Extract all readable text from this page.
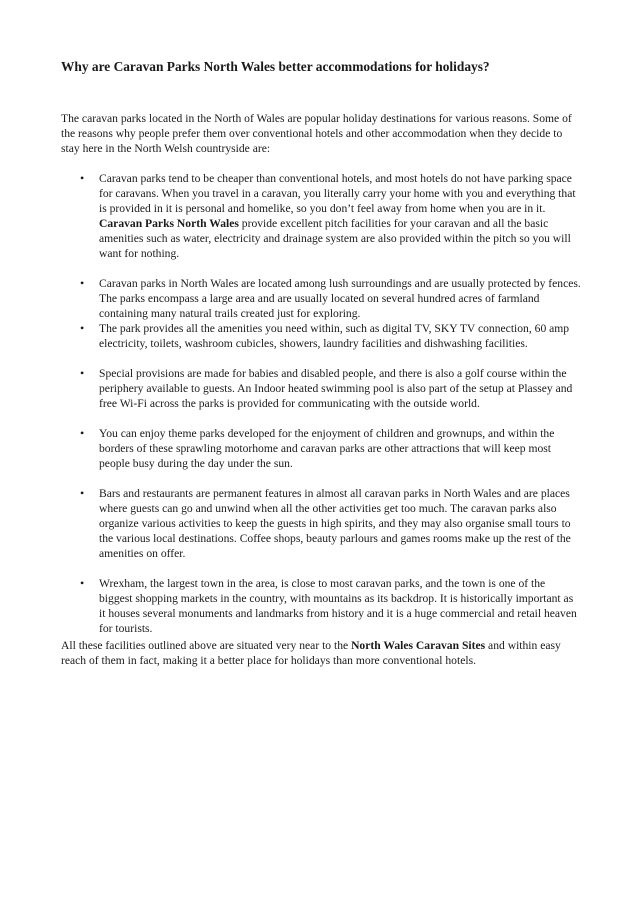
Why are Caravan Parks North Wales better accommodations for holidays?

The caravan parks located in the North of Wales are popular holiday destinations for various reasons. Some of the reasons why people prefer them over conventional hotels and other accommodation when they decide to stay here in the North Welsh countryside are:

• Caravan parks tend to be cheaper than conventional hotels, and most hotels do not have parking space for caravans. When you travel in a caravan, you literally carry your home with you and everything that is provided in it is personal and homelike, so you don’t feel away from home when you are in it. Caravan Parks North Wales provide excellent pitch facilities for your caravan and all the basic amenities such as water, electricity and drainage system are also provided within the pitch so you will want for nothing.
• Caravan parks in North Wales are located among lush surroundings and are usually protected by fences. The parks encompass a large area and are usually located on several hundred acres of farmland containing many natural trails created just for exploring.
• The park provides all the amenities you need within, such as digital TV, SKY TV connection, 60 amp electricity, toilets, washroom cubicles, showers, laundry facilities and dishwashing facilities.
• Special provisions are made for babies and disabled people, and there is also a golf course within the periphery available to guests. An Indoor heated swimming pool is also part of the setup at Plassey and free Wi-Fi across the parks is provided for communicating with the outside world.
• You can enjoy theme parks developed for the enjoyment of children and grownups, and within the borders of these sprawling motorhome and caravan parks are other attractions that will keep most people busy during the day under the sun.
• Bars and restaurants are permanent features in almost all caravan parks in North Wales and are places where guests can go and unwind when all the other activities get too much. The caravan parks also organize various activities to keep the guests in high spirits, and they may also organise small tours to the various local destinations. Coffee shops, beauty parlours and games rooms make up the rest of the amenities on offer.
• Wrexham, the largest town in the area, is close to most caravan parks, and the town is one of the biggest shopping markets in the country, with mountains as its backdrop. It is historically important as it houses several monuments and landmarks from history and it is a huge commercial and retail heaven for tourists.

All these facilities outlined above are situated very near to the North Wales Caravan Sites and within easy reach of them in fact, making it a better place for holidays than more conventional hotels.
